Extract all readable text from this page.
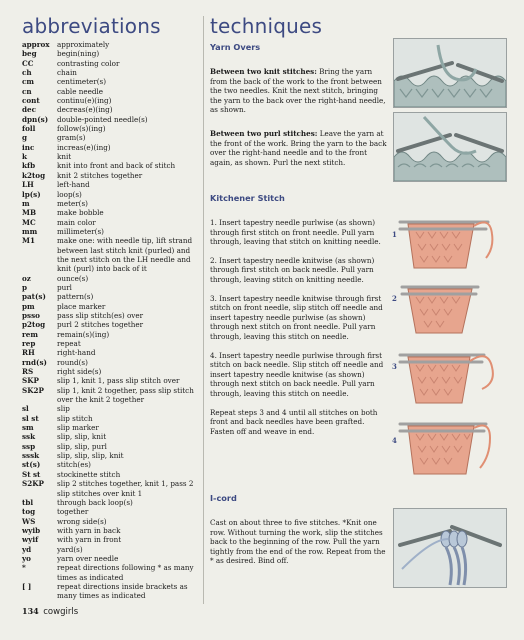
abbreviations
approx	approximately
beg	begin(ning)
CC	contrasting color
ch	chain
cm	centimeter(s)
cn	cable needle
cont	continu(e)(ing)
dec	decreas(e)(ing)
dpn(s)	double-pointed needle(s)
foll	follow(s)(ing)
g	gram(s)
inc	increas(e)(ing)
k	knit
kfb	knit into front and back of stitch
k2tog	knit 2 stitches together
LH	left-hand
lp(s)	loop(s)
m	meter(s)
MB	make bobble
MC	main color
mm	millimeter(s)
M1	make one: with needle tip, lift strand
between last stitch knit (purled) and
the next stitch on the LH needle and
knit (purl) into back of it
oz	ounce(s)
p	purl
pat(s)	pattern(s)
pm	place marker
psso	pass slip stitch(es) over
p2tog	purl 2 stitches together
rem	remain(s)(ing)
rep	repeat
RH	right-hand
rnd(s)	round(s)
RS	right side(s)
SKP	slip 1, knit 1, pass slip stitch over
SK2P	slip 1, knit 2 together, pass slip stitch
over the knit 2 together
sl	slip
sl st	slip stitch
sm	slip marker
ssk	slip, slip, knit
ssp	slip, slip, purl
sssk	slip, slip, slip, knit
st(s)	stitch(es)
St st	stockinette stitch
S2KP	slip 2 stitches together, knit 1, pass 2
slip stitches over knit 1
tbl	through back loop(s)
tog	together
WS	wrong side(s)
wyib	with yarn in back
wyif	with yarn in front
yd	yard(s)
yo	yarn over needle
*	repeat directions following * as many
times as indicated
[ ]	repeat directions inside brackets as
many times as indicated
techniques
Yarn Overs

Between two knit stitches: Bring the yarn from the back of the work to the front between the two needles. Knit the next stitch, bringing the yarn to the back over the right-hand needle, as shown.

Between two purl stitches: Leave the yarn at the front of the work. Bring the yarn to the back over the right-hand needle and to the front again, as shown. Purl the next stitch.

Kitchener Stitch

1. Insert tapestry needle purlwise (as shown) through first stitch on front needle. Pull yarn through, leaving that stitch on knitting needle.

2. Insert tapestry needle knitwise (as shown) through first stitch on back needle. Pull yarn through, leaving stitch on knitting needle.

3. Insert tapestry needle knitwise through first stitch on front needle, slip stitch off needle and insert tapestry needle purlwise (as shown) through next stitch on front needle. Pull yarn through, leaving this stitch on needle.

4. Insert tapestry needle purlwise through first stitch on back needle. Slip stitch off needle and insert tapestry needle knitwise (as shown) through next stitch on back needle. Pull yarn through, leaving this stitch on needle.

Repeat steps 3 and 4 until all stitches on both front and back needles have been grafted. Fasten off and weave in end.

I-cord

Cast on about three to five stitches. *Knit one row. Without turning the work, slip the stitches back to the beginning of the row. Pull the yarn tightly from the end of the row. Repeat from the * as desired. Bind off.

1
2
3
4
134 cowgirls
